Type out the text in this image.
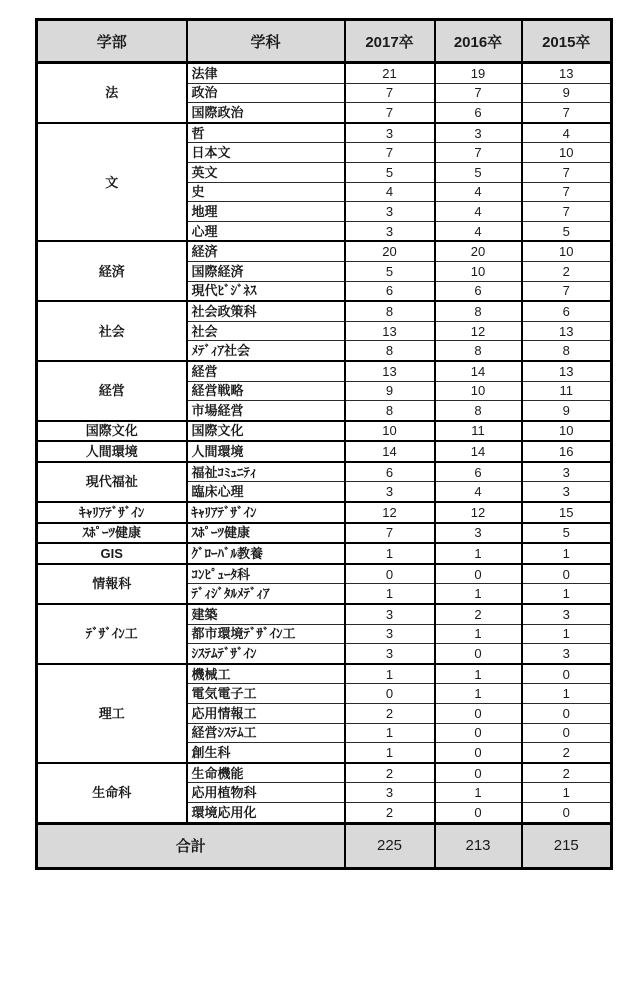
学部	学科	2017卒	2016卒	2015卒
法	法律	21	19	13
	政治	7	7	9
	国際政治	7	6	7
文	哲	3	3	4
	日本文	7	7	10
	英文	5	5	7
	史	4	4	7
	地理	3	4	7
	心理	3	4	5
経済	経済	20	20	10
	国際経済	5	10	2
	現代ﾋﾞｼﾞﾈｽ	6	6	7
社会	社会政策科	8	8	6
	社会	13	12	13
	ﾒﾃﾞｨｱ社会	8	8	8
経営	経営	13	14	13
	経営戦略	9	10	11
	市場経営	8	8	9
国際文化	国際文化	10	11	10
人間環境	人間環境	14	14	16
現代福祉	福祉ｺﾐｭﾆﾃｨ	6	6	3
	臨床心理	3	4	3
ｷｬﾘｱﾃﾞｻﾞｲﾝ	ｷｬﾘｱﾃﾞｻﾞｲﾝ	12	12	15
ｽﾎﾟｰﾂ健康	ｽﾎﾟｰﾂ健康	7	3	5
GIS	ｸﾞﾛｰﾊﾞﾙ教養	1	1	1
情報科	ｺﾝﾋﾟｭｰﾀ科	0	0	0
	ﾃﾞｨｼﾞﾀﾙﾒﾃﾞｨｱ	1	1	1
ﾃﾞｻﾞｲﾝ工	建築	3	2	3
	都市環境ﾃﾞｻﾞｲﾝ工	3	1	1
	ｼｽﾃﾑﾃﾞｻﾞｲﾝ	3	0	3
理工	機械工	1	1	0
	電気電子工	0	1	1
	応用情報工	2	0	0
	経営ｼｽﾃﾑ工	1	0	0
	創生科	1	0	2
生命科	生命機能	2	0	2
	応用植物科	3	1	1
	環境応用化	2	0	0
合計		225	213	215
